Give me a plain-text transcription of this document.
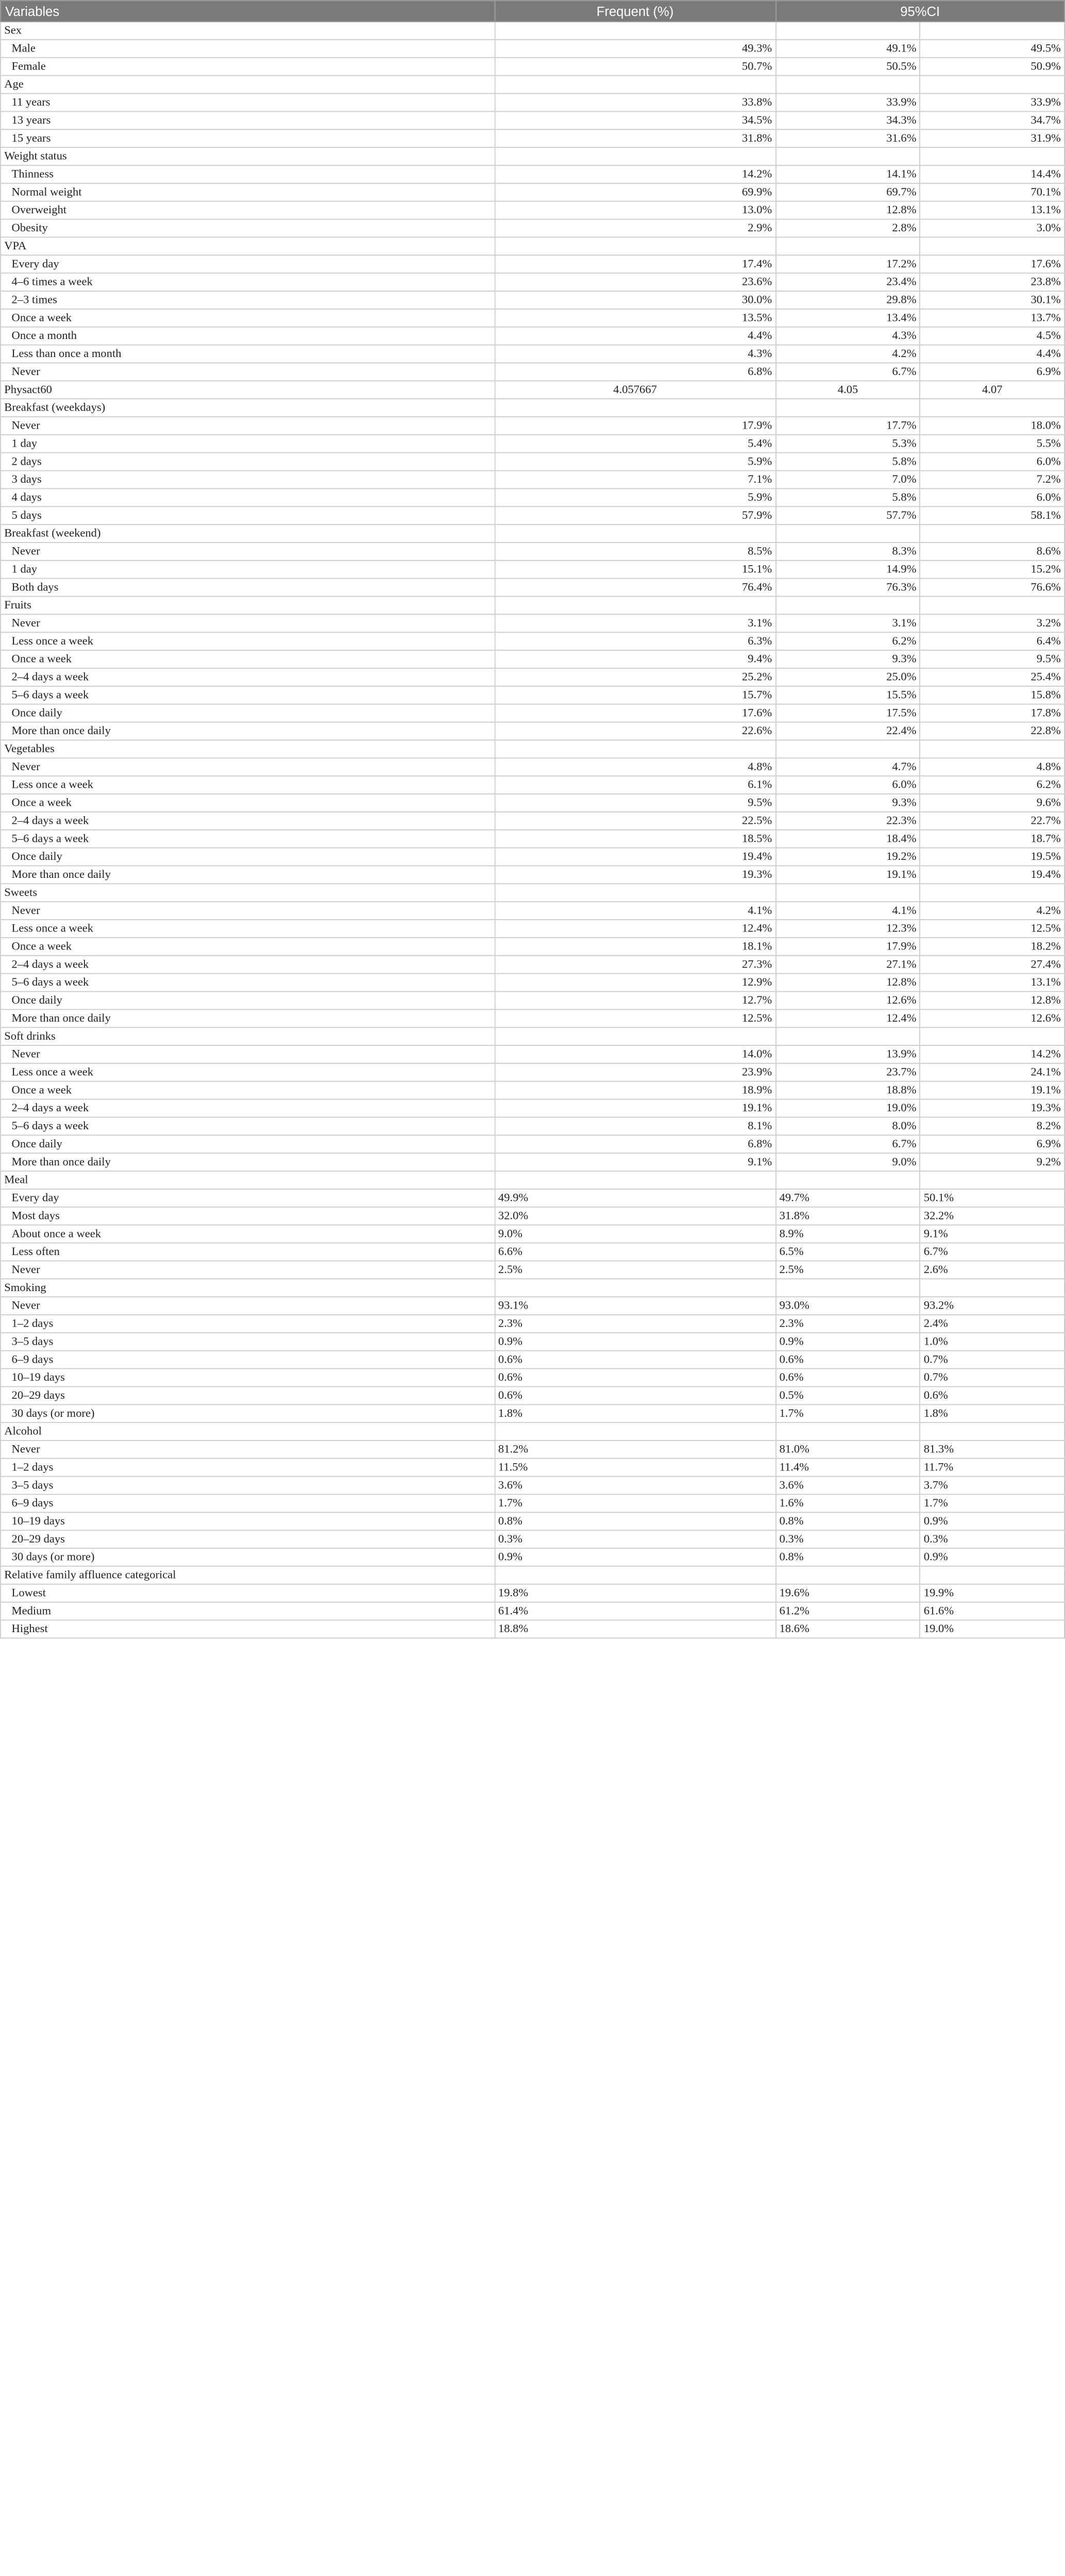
Variables	Frequent (%)	95%CI	
Sex			
Male	49.3%	49.1%	49.5%
Female	50.7%	50.5%	50.9%
Age			
11 years	33.8%	33.9%	33.9%
13 years	34.5%	34.3%	34.7%
15 years	31.8%	31.6%	31.9%
Weight status			
Thinness	14.2%	14.1%	14.4%
Normal weight	69.9%	69.7%	70.1%
Overweight	13.0%	12.8%	13.1%
Obesity	2.9%	2.8%	3.0%
VPA			
Every day	17.4%	17.2%	17.6%
4–6 times a week	23.6%	23.4%	23.8%
2–3 times	30.0%	29.8%	30.1%
Once a week	13.5%	13.4%	13.7%
Once a month	4.4%	4.3%	4.5%
Less than once a month	4.3%	4.2%	4.4%
Never	6.8%	6.7%	6.9%
Physact60	4.057667	4.05	4.07
Breakfast (weekdays)			
Never	17.9%	17.7%	18.0%
1 day	5.4%	5.3%	5.5%
2 days	5.9%	5.8%	6.0%
3 days	7.1%	7.0%	7.2%
4 days	5.9%	5.8%	6.0%
5 days	57.9%	57.7%	58.1%
Breakfast (weekend)			
Never	8.5%	8.3%	8.6%
1 day	15.1%	14.9%	15.2%
Both days	76.4%	76.3%	76.6%
Fruits			
Never	3.1%	3.1%	3.2%
Less once a week	6.3%	6.2%	6.4%
Once a week	9.4%	9.3%	9.5%
2–4 days a week	25.2%	25.0%	25.4%
5–6 days a week	15.7%	15.5%	15.8%
Once daily	17.6%	17.5%	17.8%
More than once daily	22.6%	22.4%	22.8%
Vegetables			
Never	4.8%	4.7%	4.8%
Less once a week	6.1%	6.0%	6.2%
Once a week	9.5%	9.3%	9.6%
2–4 days a week	22.5%	22.3%	22.7%
5–6 days a week	18.5%	18.4%	18.7%
Once daily	19.4%	19.2%	19.5%
More than once daily	19.3%	19.1%	19.4%
Sweets			
Never	4.1%	4.1%	4.2%
Less once a week	12.4%	12.3%	12.5%
Once a week	18.1%	17.9%	18.2%
2–4 days a week	27.3%	27.1%	27.4%
5–6 days a week	12.9%	12.8%	13.1%
Once daily	12.7%	12.6%	12.8%
More than once daily	12.5%	12.4%	12.6%
Soft drinks			
Never	14.0%	13.9%	14.2%
Less once a week	23.9%	23.7%	24.1%
Once a week	18.9%	18.8%	19.1%
2–4 days a week	19.1%	19.0%	19.3%
5–6 days a week	8.1%	8.0%	8.2%
Once daily	6.8%	6.7%	6.9%
More than once daily	9.1%	9.0%	9.2%
Meal			
Every day	49.9%	49.7%	50.1%
Most days	32.0%	31.8%	32.2%
About once a week	9.0%	8.9%	9.1%
Less often	6.6%	6.5%	6.7%
Never	2.5%	2.5%	2.6%
Smoking			
Never	93.1%	93.0%	93.2%
1–2 days	2.3%	2.3%	2.4%
3–5 days	0.9%	0.9%	1.0%
6–9 days	0.6%	0.6%	0.7%
10–19 days	0.6%	0.6%	0.7%
20–29 days	0.6%	0.5%	0.6%
30 days (or more)	1.8%	1.7%	1.8%
Alcohol			
Never	81.2%	81.0%	81.3%
1–2 days	11.5%	11.4%	11.7%
3–5 days	3.6%	3.6%	3.7%
6–9 days	1.7%	1.6%	1.7%
10–19 days	0.8%	0.8%	0.9%
20–29 days	0.3%	0.3%	0.3%
30 days (or more)	0.9%	0.8%	0.9%
Relative family affluence categorical			
Lowest	19.8%	19.6%	19.9%
Medium	61.4%	61.2%	61.6%
Highest	18.8%	18.6%	19.0%
